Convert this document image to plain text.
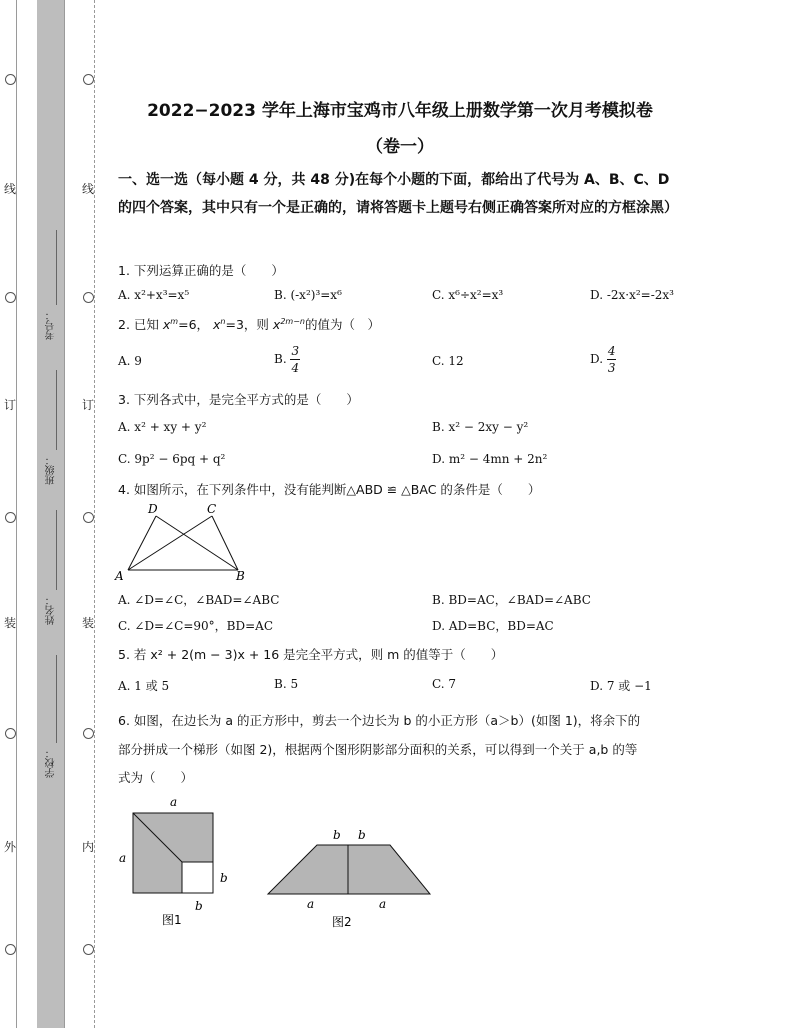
线
订
装
外
线
订
装
内
考号：
班级：
姓名：
学校：
2022−2023 学年上海市宝鸡市八年级上册数学第一次月考模拟卷
（卷一）
一、选一选（每小题 4 分，共 48 分)在每个小题的下面，都给出了代号为 A、B、C、D 的四个答案，其中只有一个是正确的，请将答题卡上题号右侧正确答案所对应的方框涂黑）
1. 下列运算正确的是（　　）
A. x²+x³=x⁵	B. (-x²)³=x⁶	C. x⁶÷x²=x³	D. -2x·x²=-2x³
2. 已知 $x^m=6$， $x^n=3$，则 $x^{2m-n}$的值为（　）
A. 9	B. $\frac{3}{4}$	C. 12	D. $\frac{4}{3}$
3. 下列各式中，是完全平方式的是（　　）
A. x² + xy + y²	B. x² − 2xy − y²
C. 9p² − 6pq + q²	D. m² − 4mn + 2n²
4. 如图所示，在下列条件中，没有能判断△ABD ≌ △BAC 的条件是（　　）
D	C
A	B
A. ∠D=∠C，∠BAD=∠ABC	B. BD=AC，∠BAD=∠ABC
C. ∠D=∠C=90°，BD=AC	D. AD=BC，BD=AC
5. 若 x² + 2(m − 3)x + 16 是完全平方式，则 m 的值等于（　　）
A. 1 或 5	B. 5	C. 7	D. 7 或 −1
6. 如图，在边长为 a 的正方形中，剪去一个边长为 b 的小正方形（a＞b）(如图 1)，将余下的
部分拼成一个梯形（如图 2)，根据两个图形阴影部分面积的关系，可以得到一个关于 a,b 的等
式为（　　）
a
a
b
b
图1
b b
a	a
图2
